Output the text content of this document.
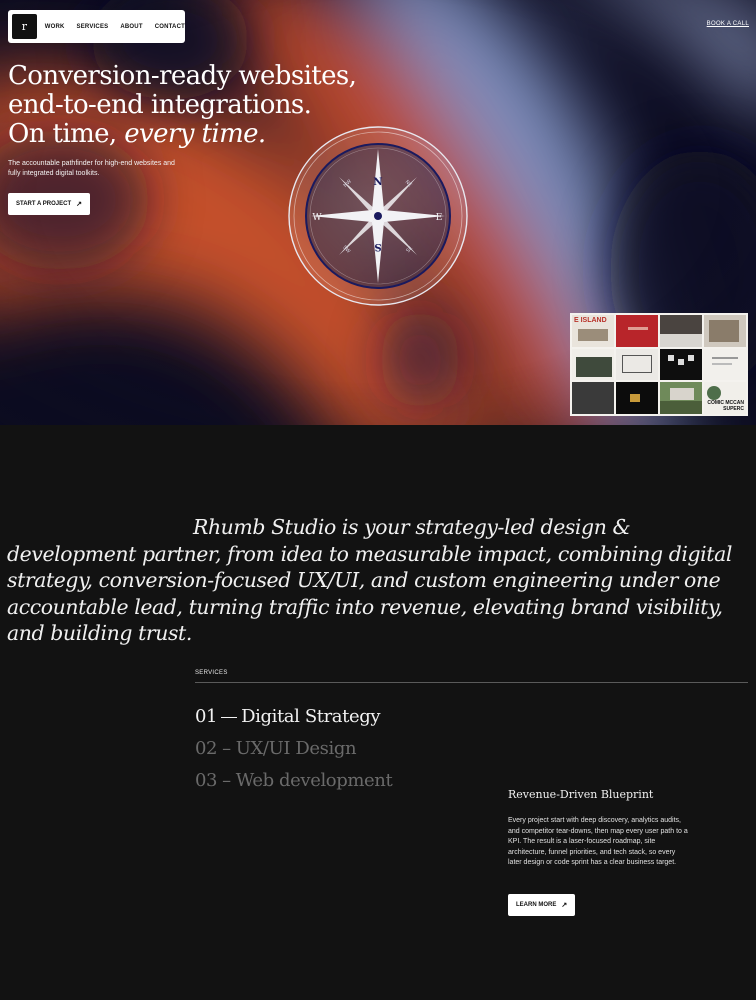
r	WORK SERVICES ABOUT CONTACT	BOOK A CALL
Conversion-ready websites,
end-to-end integrations.
On time, every time.

The accountable pathfinder for high-end websites and fully integrated digital toolkits.

START A PROJECT ↗
N
S
W	E
NW	NE
SW	SE
E ISLAND
COMIC MCCAN SUPERC

Rhumb Studio is your strategy-led design & development partner, from idea to measurable impact, combining digital strategy, conversion-focused UX/UI, and custom engineering under one accountable lead, turning traffic into revenue, elevating brand visibility, and building trust.

SERVICES
01 Digital Strategy
02 – UX/UI Design
03 – Web development
Revenue-Driven Blueprint

Every project start with deep discovery, analytics audits, and competitor tear-downs, then map every user path to a KPI. The result is a laser-focused roadmap, site architecture, funnel priorities, and tech stack, so every later design or code sprint has a clear business target.

LEARN MORE ↗
